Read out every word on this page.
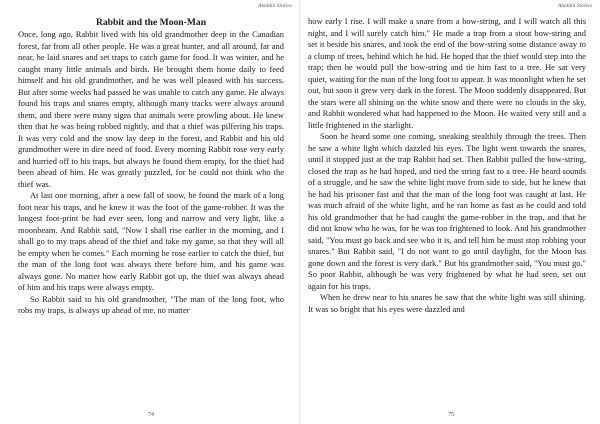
Aladdin Stories
Rabbit and the Moon-Man

Once, long ago, Rabbit lived with his old grandmother deep in the Canadian forest, far from all other people. He was a great hunter, and all around, far and near, he laid snares and set traps to catch game for food. It was winter, and he caught many little animals and birds. He brought them home daily to feed himself and his old grandmother, and he was well pleased with his success. But after some weeks had passed he was unable to catch any game. He always found his traps and snares empty, although many tracks were always around them, and there were many signs that animals were prowling about. He knew then that he was being robbed nightly, and that a thief was pilfering his traps. It was very cold and the snow lay deep in the forest, and Rabbit and his old grandmother were in dire need of food. Every morning Rabbit rose very early and hurried off to his traps, but always he found them empty, for the thief had been ahead of him. He was greatly puzzled, for he could not think who the thief was.

At last one morning, after a new fall of snow, he found the mark of a long foot near his traps, and he knew it was the foot of the game-robber. It was the longest foot-print he had ever seen, long and narrow and very light, like a moonbeam. And Rabbit said, "Now I shall rise earlier in the morning, and I shall go to my traps ahead of the thief and take my game, so that they will all be empty when he comes." Each morning he rose earlier to catch the thief, but the man of the long foot was always there before him, and his game was always gone. No matter how early Rabbit got up, the thief was always ahead of him and his traps were always empty.

So Rabbit said to his old grandmother, "The man of the long foot, who robs my traps, is always up ahead of me, no matter

74
Aladdin Stories

how early I rise. I will make a snare from a bow-string, and I will watch all this night, and I will surely catch him." He made a trap from a stout bow-string and set it beside his snares, and took the end of the bow-string some distance away to a clump of trees, behind which he hid. He hoped that the thief would step into the trap; then he would pull the bow-string and tie him fast to a tree. He sat very quiet, waiting for the man of the long foot to appear. It was moonlight when he set out, but soon it grew very dark in the forest. The Moon suddenly disappeared. But the stars were all shining on the white snow and there were no clouds in the sky, and Rabbit wondered what had happened to the Moon. He waited very still and a little frightened in the starlight.

Soon he heard some one coming, sneaking stealthily through the trees. Then he saw a white light which dazzled his eyes. The light went towards the snares, until it stopped just at the trap Rabbit had set. Then Rabbit pulled the bow-string, closed the trap as he had hoped, and tied the string fast to a tree. He heard sounds of a struggle, and he saw the white light move from side to side, but he knew that he had his prisoner fast and that the man of the long foot was caught at last. He was much afraid of the white light, and he ran home as fast as he could and told his old grandmother that he had caught the game-robber in the trap, and that he did not know who he was, for he was too frightened to look. And his grandmother said, "You must go back and see who it is, and tell him he must stop robbing your snares." But Rabbit said, "I do not want to go until daylight, for the Moon has gone down and the forest is very dark." But his grandmother said, "You must go." So poor Rabbit, although he was very frightened by what he had seen, set out again for his traps.

When he drew near to his snares he saw that the white light was still shining. It was so bright that his eyes were dazzled and

75
